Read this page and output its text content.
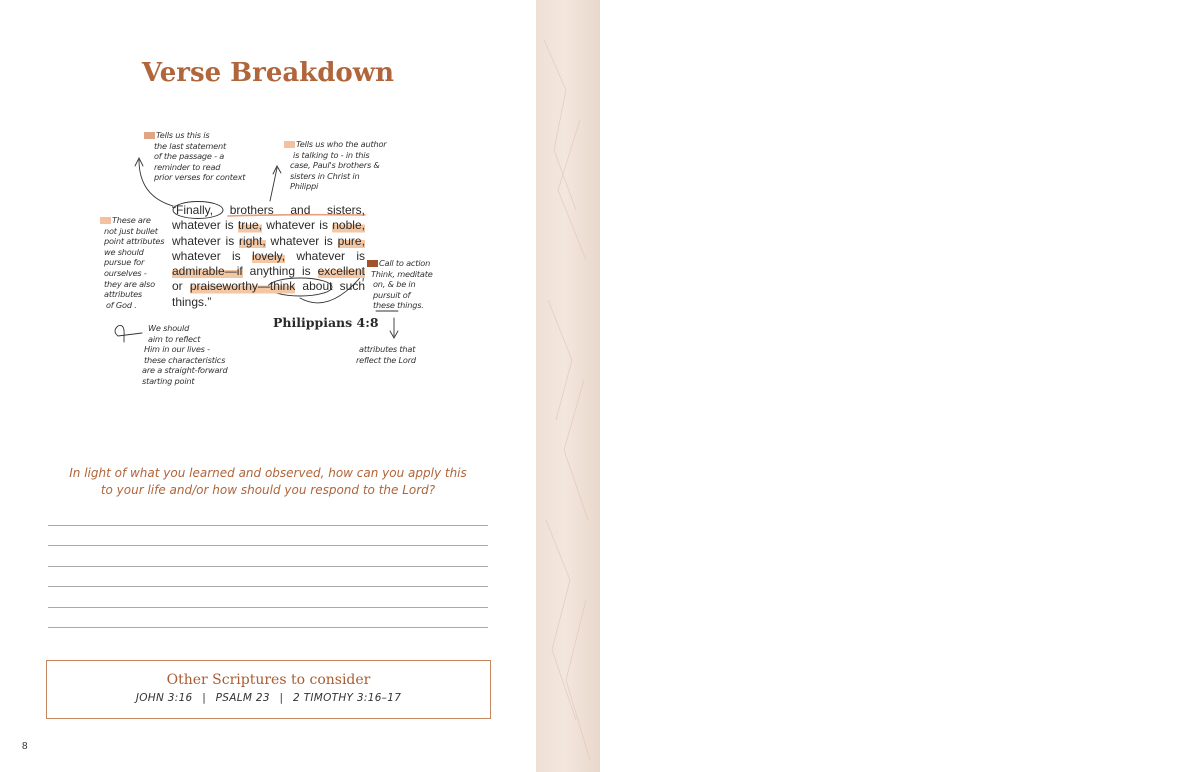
Verse Breakdown
Tells us this is
the last statement
of the passage - a
reminder to read
prior verses for context
Tells us who the author
is talking to - in this
case, Paul's brothers &
sisters in Christ in
Philippi
These are
not just bullet
point attributes
we should
pursue for
ourselves -
they are also
attributes
of God .
“Finally, brothers and sisters,
whatever is true, whatever is noble,
whatever is right, whatever is pure,
whatever is lovely, whatever is
admirable—if anything is excellent
or praiseworthy—think about such
things.”
Philippians 4:8
Call to action
Think, meditate
on, & be in
pursuit of
these things.
We should
aim to reflect
Him in our lives -
these characteristics
are a straight-forward
starting point
attributes that
reflect the Lord
In light of what you learned and observed, how can you apply this
to your life and/or how should you respond to the Lord?
Other Scriptures to consider
JOHN 3:16 | PSALM 23 | 2 TIMOTHY 3:16–17
8
